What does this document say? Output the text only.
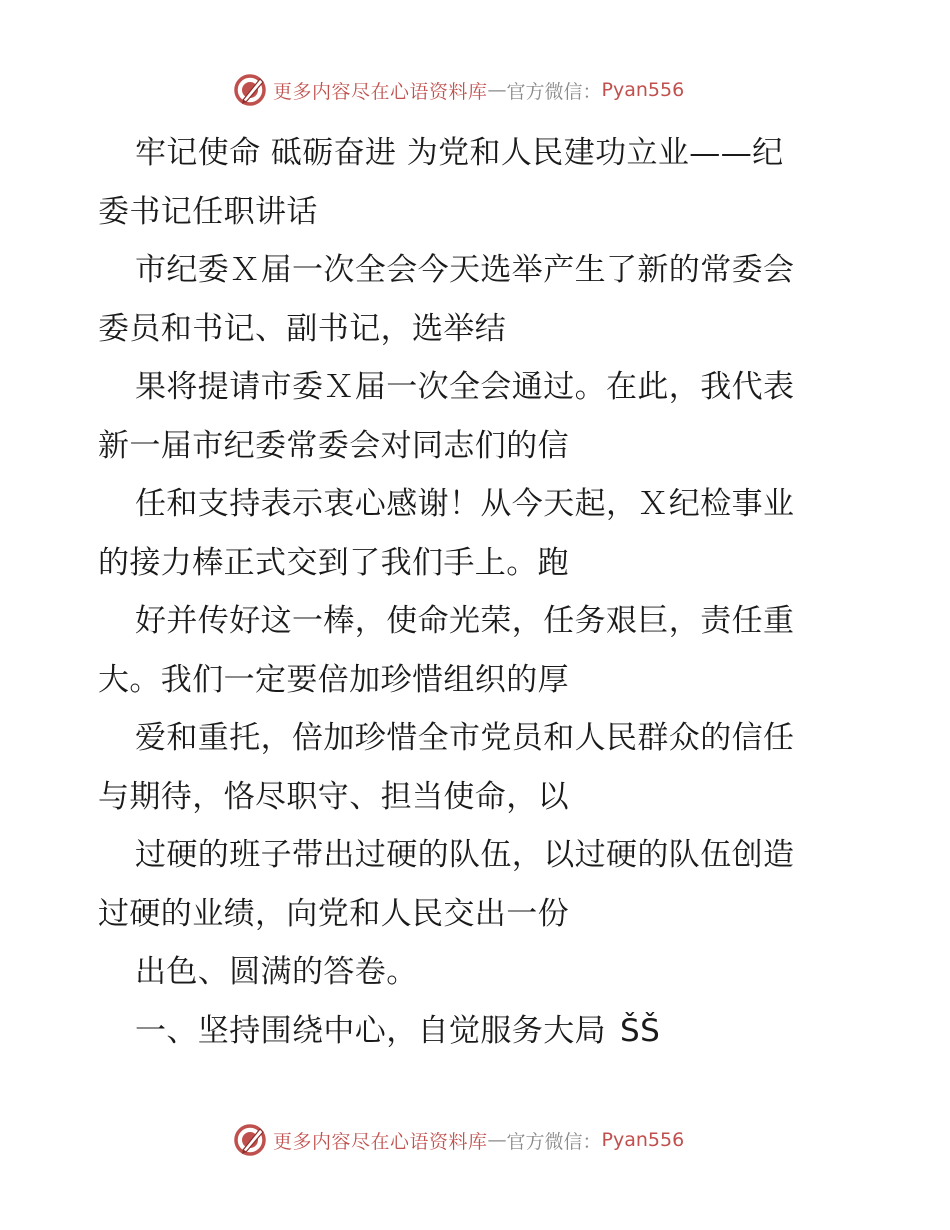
更多内容尽在心语资料库 — 官方微信： Pyan556
牢记使命 砥砺奋进 为党和人民建功立业——纪
委书记任职讲话
市纪委Ｘ届一次全会今天选举产生了新的常委会
委员和书记、副书记，选举结
果将提请市委Ｘ届一次全会通过。在此，我代表
新一届市纪委常委会对同志们的信
任和支持表示衷心感谢！从今天起，Ｘ纪检事业
的接力棒正式交到了我们手上。跑
好并传好这一棒，使命光荣，任务艰巨，责任重
大。我们一定要倍加珍惜组织的厚
爱和重托，倍加珍惜全市党员和人民群众的信任
与期待，恪尽职守、担当使命，以
过硬的班子带出过硬的队伍，以过硬的队伍创造
过硬的业绩，向党和人民交出一份
出色、圆满的答卷。
一、坚持围绕中心，自觉服务大局 ŠŠ
更多内容尽在心语资料库 — 官方微信： Pyan556
